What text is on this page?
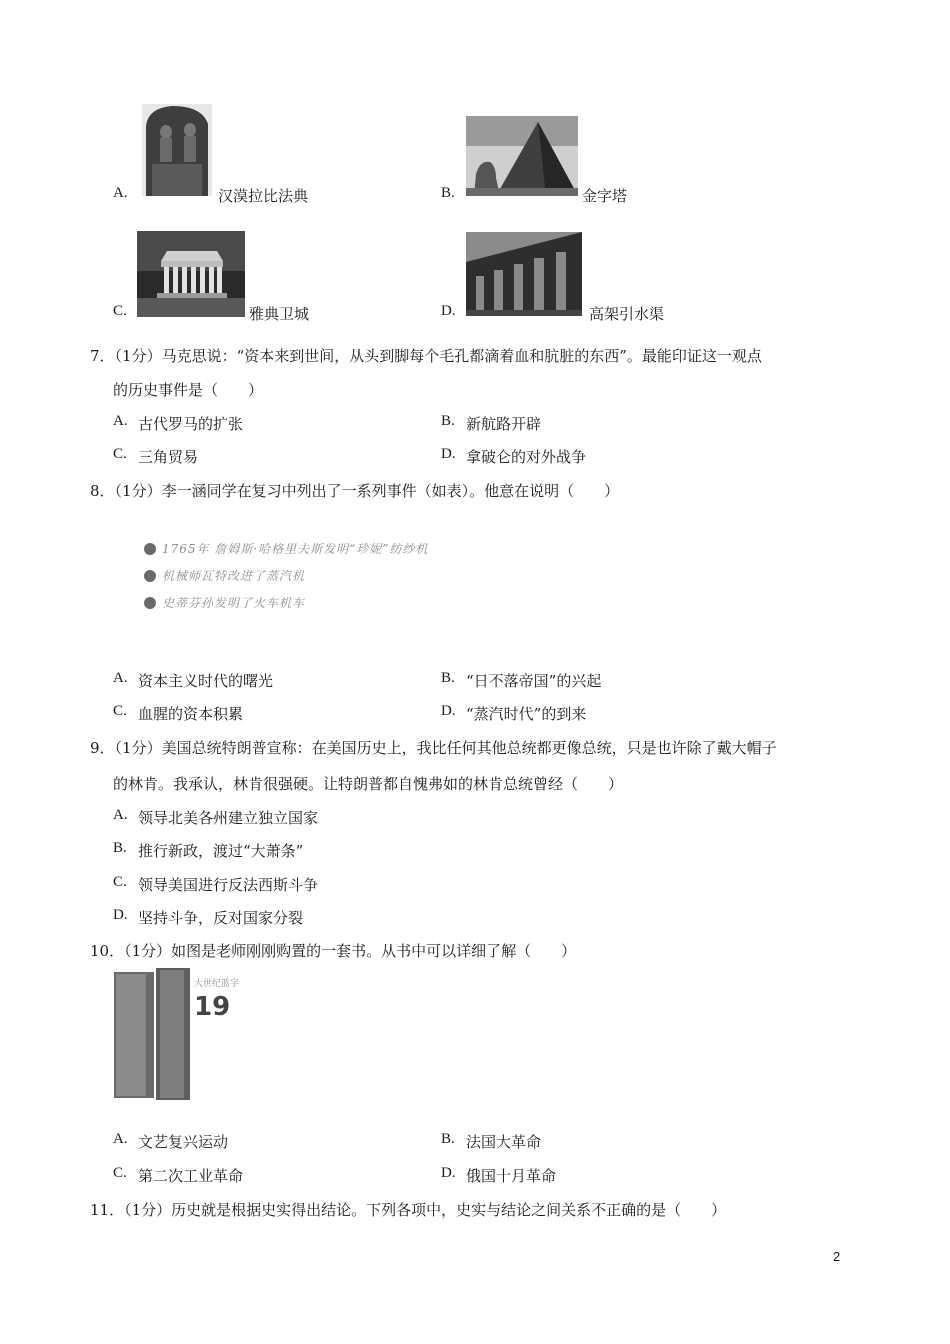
A.	汉漠拉比法典	B.	金字塔
C.	雅典卫城	D.	高架引水渠
7．（1分）马克思说：“资本来到世间，从头到脚每个毛孔都滴着血和肮脏的东西”。最能印证这一观点
的历史事件是（　　）
A. 古代罗马的扩张	B. 新航路开辟
C. 三角贸易	D. 拿破仑的对外战争
8．（1分）李一涵同学在复习中列出了一系列事件（如表）。他意在说明（　　）
1765年 詹姆斯·哈格里夫斯发明“珍妮”纺纱机
机械师瓦特改进了蒸汽机
史蒂芬孙发明了火车机车
A. 资本主义时代的曙光	B. “日不落帝国”的兴起
C. 血腥的资本积累	D. “蒸汽时代”的到来
9．（1分）美国总统特朗普宣称：在美国历史上，我比任何其他总统都更像总统，只是也许除了戴大帽子
的林肯。我承认，林肯很强硬。让特朗普都自愧弗如的林肯总统曾经（　　）
A. 领导北美各州建立独立国家
B. 推行新政，渡过“大萧条”
C. 领导美国进行反法西斯斗争
D. 坚持斗争，反对国家分裂
10．（1分）如图是老师刚刚购置的一套书。从书中可以详细了解（　　）
大世纪蓝字
19
A. 文艺复兴运动	B. 法国大革命
C. 第二次工业革命	D. 俄国十月革命
11．（1分）历史就是根据史实得出结论。下列各项中，史实与结论之间关系不正确的是（　　）
2
